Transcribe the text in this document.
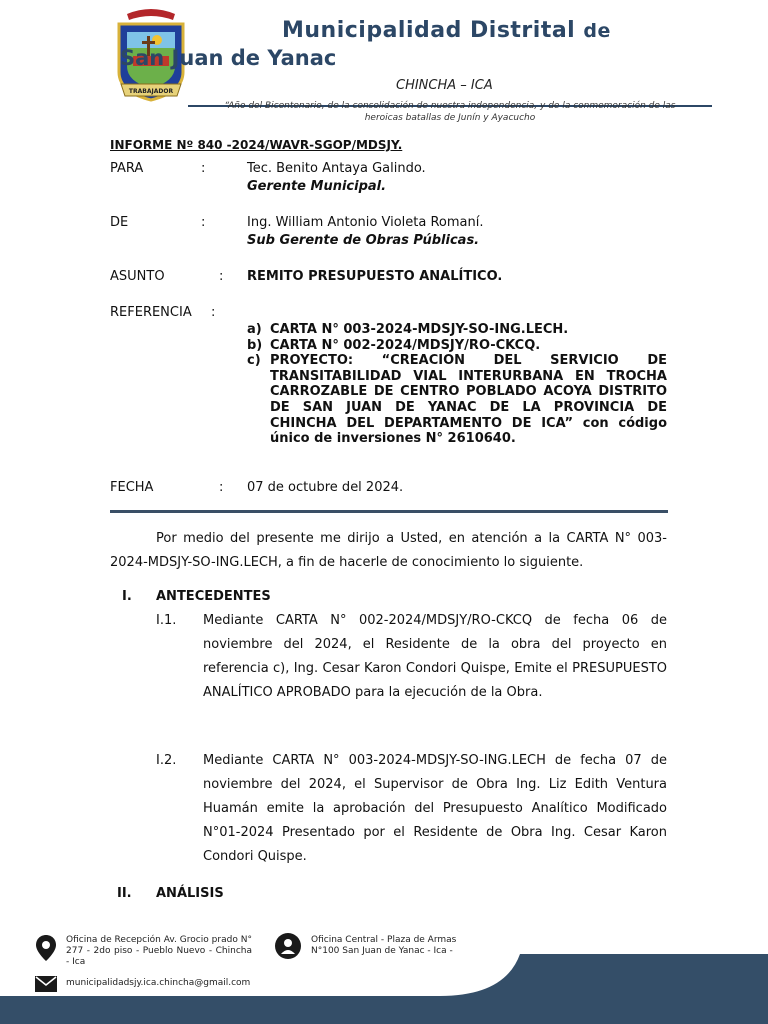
TRABAJADOR
Municipalidad Distrital de
San Juan de Yanac
CHINCHA – ICA
“Año del Bicentenario, de la consolidación de nuestra independencia, y de la conmemoración de las heroicas batallas de Junín y Ayacucho
INFORME Nº 840 -2024/WAVR-SGOP/MDSJY.
PARA	:	Tec. Benito Antaya Galindo.
Gerente Municipal.
DE	:	Ing. William Antonio Violeta Romaní.
Sub Gerente de Obras Públicas.
ASUNTO	: REMITO PRESUPUESTO ANALÍTICO.
REFERENCIA :
a) CARTA N° 003-2024-MDSJY-SO-ING.LECH.
b) CARTA N° 002-2024/MDSJY/RO-CKCQ.
c) PROYECTO: “CREACION DEL SERVICIO DE TRANSITABILIDAD VIAL INTERURBANA EN TROCHA CARROZABLE DE CENTRO POBLADO ACOYA DISTRITO DE SAN JUAN DE YANAC DE LA PROVINCIA DE CHINCHA DEL DEPARTAMENTO DE ICA” con código único de inversiones N° 2610640.
FECHA	: 07 de octubre del 2024.
Por medio del presente me dirijo a Usted, en atención a la CARTA N° 003-2024-MDSJY-SO-ING.LECH, a fin de hacerle de conocimiento lo siguiente.
I. ANTECEDENTES
I.1. Mediante CARTA N° 002-2024/MDSJY/RO-CKCQ de fecha 06 de noviembre del 2024, el Residente de la obra del proyecto en referencia c), Ing. Cesar Karon Condori Quispe, Emite el PRESUPUESTO ANALÍTICO APROBADO para la ejecución de la Obra.
I.2. Mediante CARTA N° 003-2024-MDSJY-SO-ING.LECH de fecha 07 de noviembre del 2024, el Supervisor de Obra Ing. Liz Edith Ventura Huamán emite la aprobación del Presupuesto Analítico Modificado N°01-2024 Presentado por el Residente de Obra Ing. Cesar Karon Condori Quispe.
II. ANÁLISIS
Oficina de Recepción Av. Grocio prado N° 277 - 2do piso - Pueblo Nuevo - Chincha - Ica
Oficina Central - Plaza de Armas N°100 San Juan de Yanac - Ica -
municipalidadsjy.ica.chincha@gmail.com
